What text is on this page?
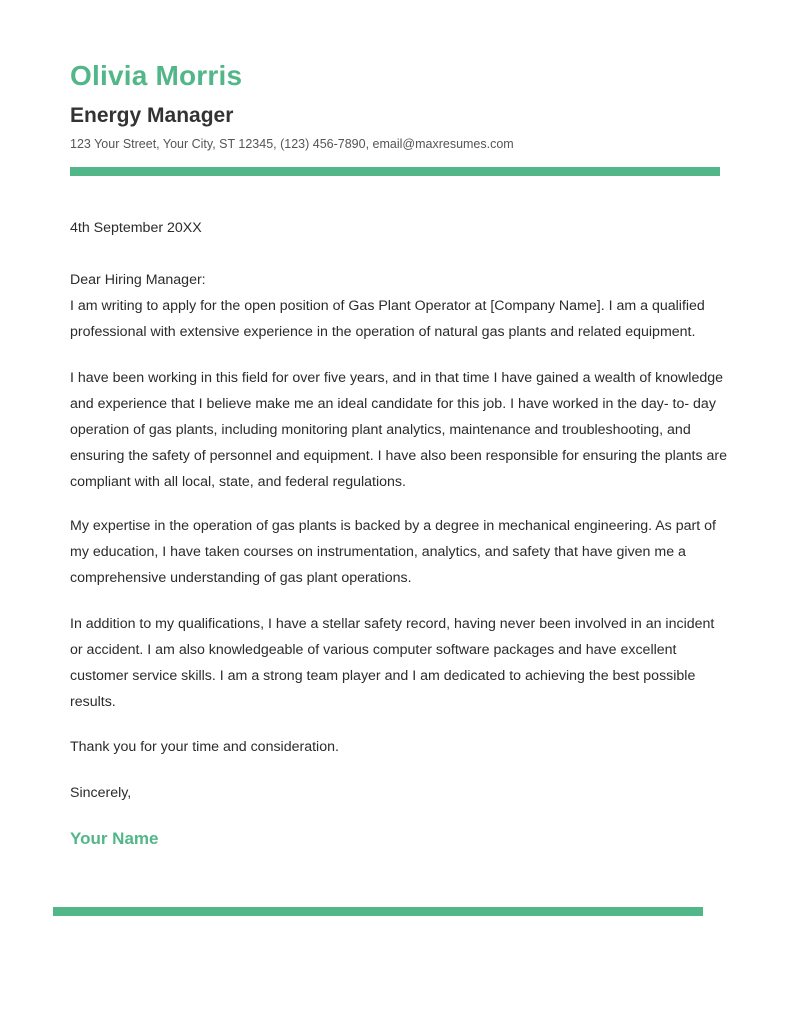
Olivia Morris
Energy Manager
123 Your Street, Your City, ST 12345, (123) 456-7890, email@maxresumes.com
4th September 20XX
Dear Hiring Manager:
I am writing to apply for the open position of Gas Plant Operator at [Company Name]. I am a qualified professional with extensive experience in the operation of natural gas plants and related equipment.
I have been working in this field for over five years, and in that time I have gained a wealth of knowledge and experience that I believe make me an ideal candidate for this job. I have worked in the day- to- day operation of gas plants, including monitoring plant analytics, maintenance and troubleshooting, and ensuring the safety of personnel and equipment. I have also been responsible for ensuring the plants are compliant with all local, state, and federal regulations.
My expertise in the operation of gas plants is backed by a degree in mechanical engineering. As part of my education, I have taken courses on instrumentation, analytics, and safety that have given me a comprehensive understanding of gas plant operations.
In addition to my qualifications, I have a stellar safety record, having never been involved in an incident or accident. I am also knowledgeable of various computer software packages and have excellent customer service skills. I am a strong team player and I am dedicated to achieving the best possible results.
Thank you for your time and consideration.
Sincerely,
Your Name
